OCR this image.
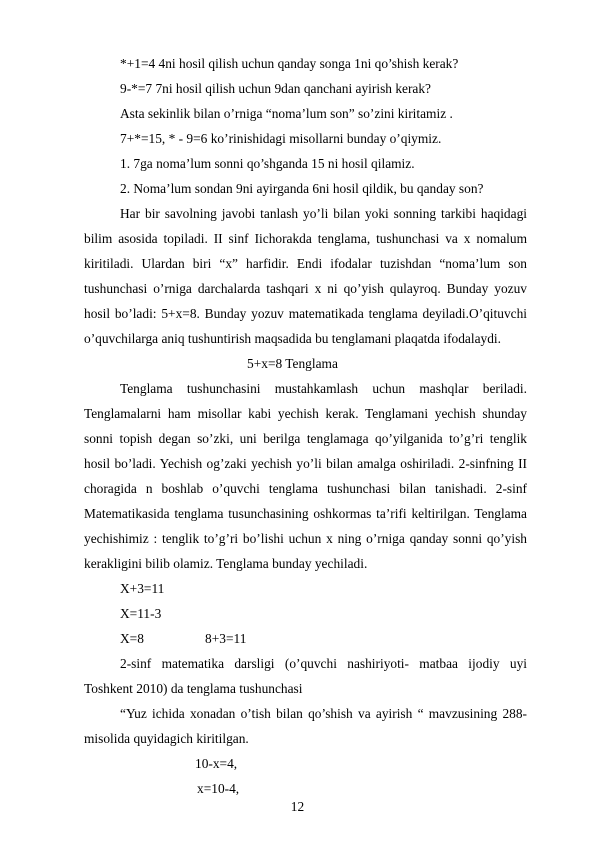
*+1=4 4ni hosil qilish uchun qanday songa 1ni qo’shish kerak?
9-*=7 7ni hosil qilish uchun 9dan qanchani ayirish kerak?
Asta sekinlik bilan o’rniga “noma’lum son” so’zini kiritamiz .
7+*=15, * - 9=6 ko’rinishidagi misollarni bunday o’qiymiz.
1. 7ga noma’lum sonni qo’shganda 15 ni hosil qilamiz.
2. Noma’lum sondan 9ni ayirganda 6ni hosil qildik, bu qanday son?
Har bir savolning javobi tanlash yo’li bilan yoki sonning tarkibi haqidagi
bilim asosida topiladi. II sinf Iichorakda tenglama, tushunchasi va x nomalum
kiritiladi. Ulardan biri “x” harfidir. Endi ifodalar tuzishdan “noma’lum son
tushunchasi o’rniga darchalarda tashqari x ni qo’yish qulayroq. Bunday yozuv
hosil bo’ladi: 5+x=8. Bunday yozuv matematikada tenglama deyiladi.O’qituvchi
o’quvchilarga aniq tushuntirish maqsadida bu tenglamani plaqatda ifodalaydi.
5+x=8 Tenglama
Tenglama tushunchasini mustahkamlash uchun mashqlar beriladi.
Tenglamalarni ham misollar kabi yechish kerak. Tenglamani yechish shunday
sonni topish degan so’zki, uni berilga tenglamaga qo’yilganida to’g’ri tenglik
hosil bo’ladi. Yechish og’zaki yechish yo’li bilan amalga oshiriladi. 2-sinfning II
choragida n boshlab o’quvchi tenglama tushunchasi bilan tanishadi. 2-sinf
Matematikasida tenglama tusunchasining oshkormas ta’rifi keltirilgan. Tenglama
yechishimiz : tenglik to’g’ri bo’lishi uchun x ning o’rniga qanday sonni qo’yish
kerakligini bilib olamiz. Tenglama bunday yechiladi.
X+3=11
X=11-3
X=8	8+3=11
2-sinf matematika darsligi (o’quvchi nashiriyoti- matbaa ijodiy uyi
Toshkent 2010) da tenglama tushunchasi
“Yuz ichida xonadan o’tish bilan qo’shish va ayirish “ mavzusining 288-
misolida quyidagich kiritilgan.
10-x=4,
x=10-4,
12
